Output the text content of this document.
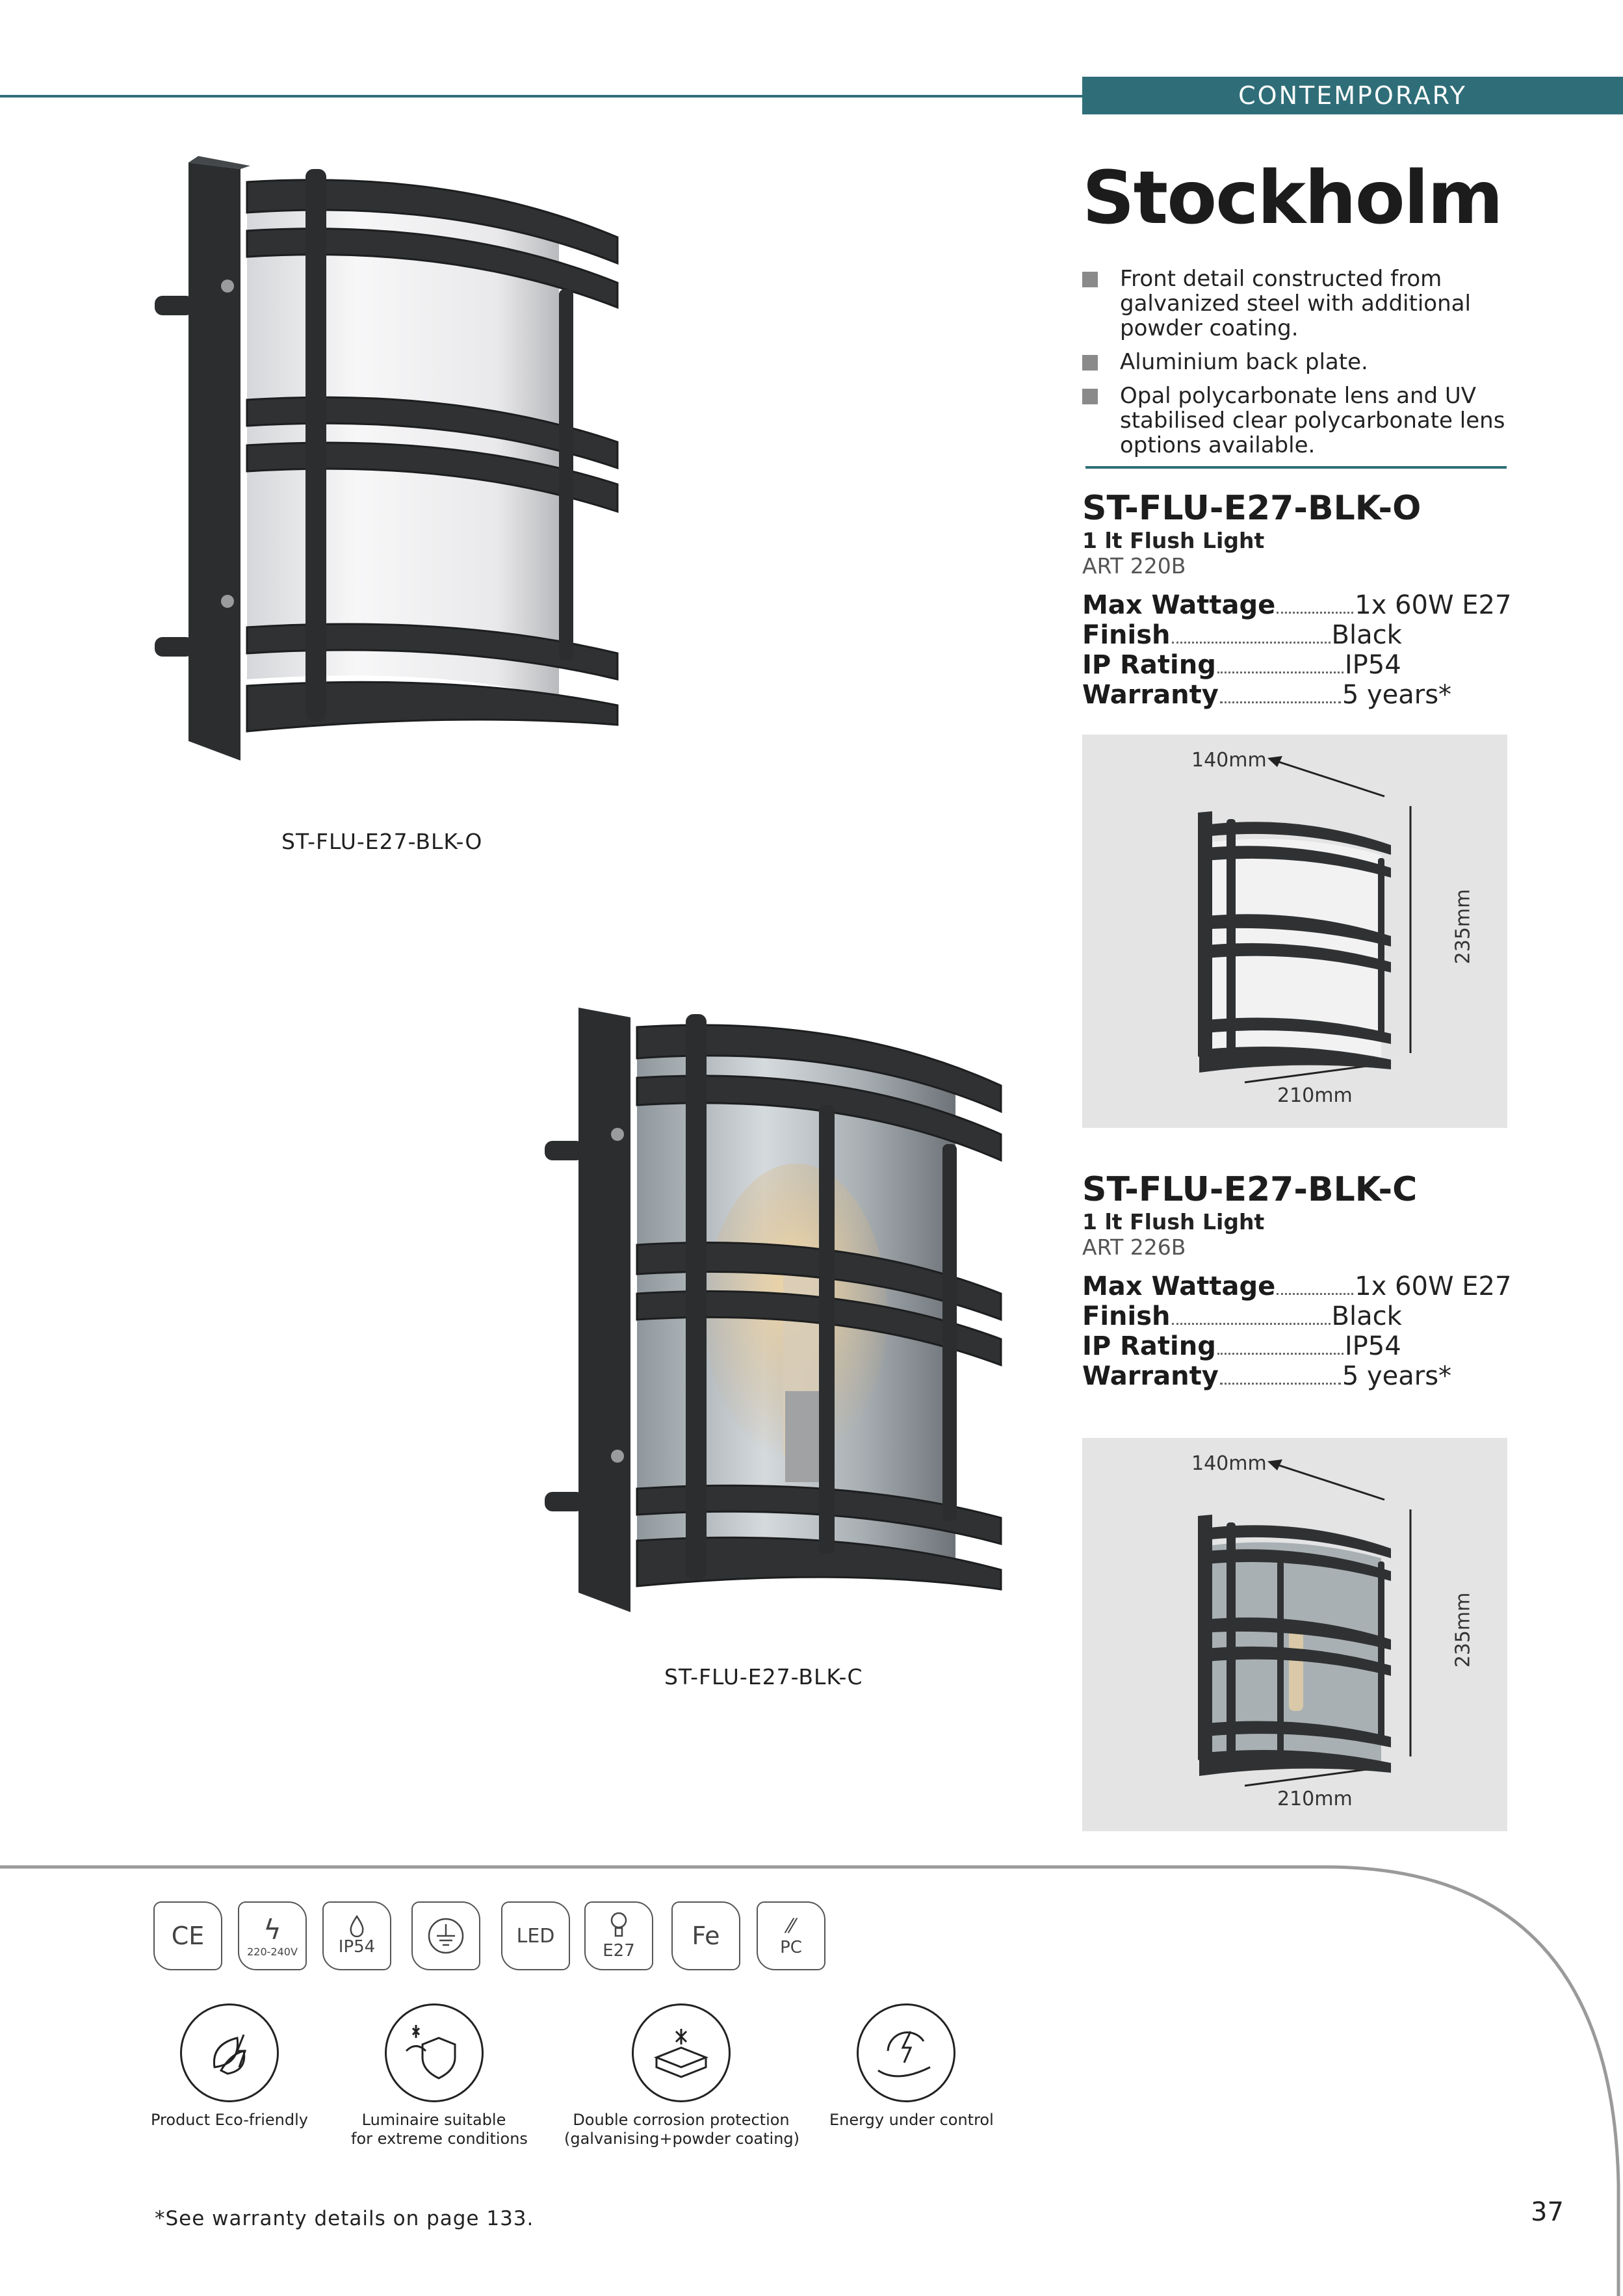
CONTEMPORARY
Stockholm
Front detail constructed from galvanized steel with additional powder coating.
Aluminium back plate.
Opal polycarbonate lens and UV stabilised clear polycarbonate lens options available.
ST-FLU-E27-BLK-O
ST-FLU-E27-BLK-C
ST-FLU-E27-BLK-O
1 lt Flush Light
ART 220B
Max Wattage	1x 60W E27
Finish	Black
IP Rating	IP54
Warranty	5 years*
140mm
210mm
235mm
ST-FLU-E27-BLK-C
1 lt Flush Light
ART 226B
Max Wattage	1x 60W E27
Finish	Black
IP Rating	IP54
Warranty	5 years*
140mm
210mm
235mm
CE ϟ
220-240V IP54	LED
E27
Fe	⁄⁄
PC
Product Eco-friendly	Luminaire suitable
for extreme conditions
Double corrosion protection
(galvanising+powder coating)
Energy under control
*See warranty details on page 133.	37
